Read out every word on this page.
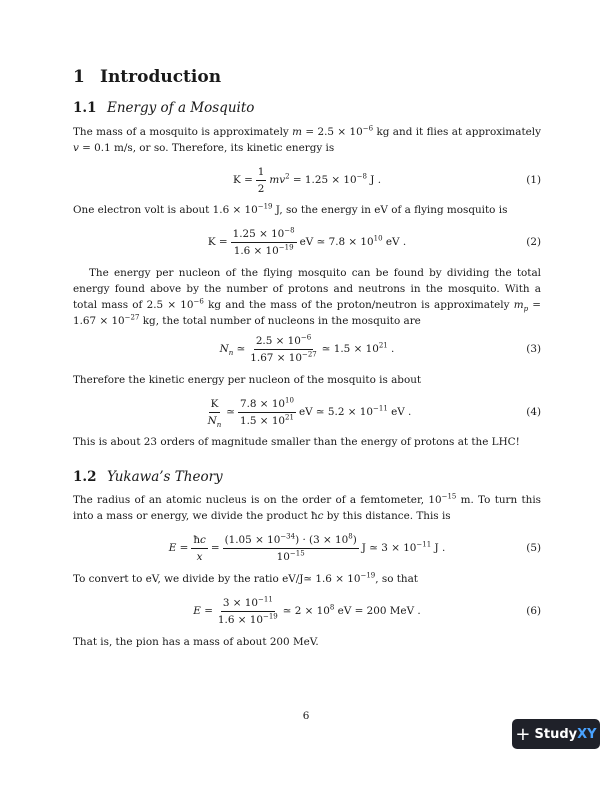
1 Introduction
1.1 Energy of a Mosquito
The mass of a mosquito is approximately $m = 2.5 \times 10^{-6}$ kg and it flies at approximately v = 0.1 m/s, or so. Therefore, its kinetic energy is
$K = \frac{1}{2} mv^2 = 1.25 \times 10^{-8}$ J .	(1)
One electron volt is about $1.6 \times 10^{-19}$ J, so the energy in eV of a flying mosquito is
$K = \frac{1.25 \times 10^{-8}}{1.6 \times 10^{-19}}$ eV ≃ $7.8 \times 10^{10}$ eV .	(2)
The energy per nucleon of the flying mosquito can be found by dividing the total energy found above by the number of protons and neutrons in the mosquito. With a total mass of $2.5 \times 10^{-6}$ kg and the mass of the proton/neutron is approximately $m_p = 1.67 \times 10^{-27}$ kg, the total number of nucleons in the mosquito are
$N_n$ ≃ $\frac{2.5 \times 10^{-6}}{1.67 \times 10^{-27}}$ ≃ $1.5 \times 10^{21}$ .	(3)
Therefore the kinetic energy per nucleon of the mosquito is about
$\frac{K}{N_n}$ ≃ $\frac{7.8 \times 10^{10}}{1.5 \times 10^{21}}$ eV ≃ $5.2 \times 10^{-11}$ eV .	(4)
This is about 23 orders of magnitude smaller than the energy of protons at the LHC!
1.2 Yukawa’s Theory
The radius of an atomic nucleus is on the order of a femtometer, $10^{-15}$ m. To turn this into a mass or energy, we divide the product ħc by this distance. This is
$E = \frac{ħc}{x} = \frac{(1.05 \times 10^{-34}) \cdot (3 \times 10^8)}{10^{-15}}$ J ≃ $3 \times 10^{-11}$ J .	(5)
To convert to eV, we divide by the ratio eV/J≃ $1.6 \times 10^{-19}$, so that
$E = \frac{3 \times 10^{-11}}{1.6 \times 10^{-19}}$ ≃ $2 \times 10^8$ eV = 200 MeV .	(6)
That is, the pion has a mass of about 200 MeV.
6
+ Study XY
